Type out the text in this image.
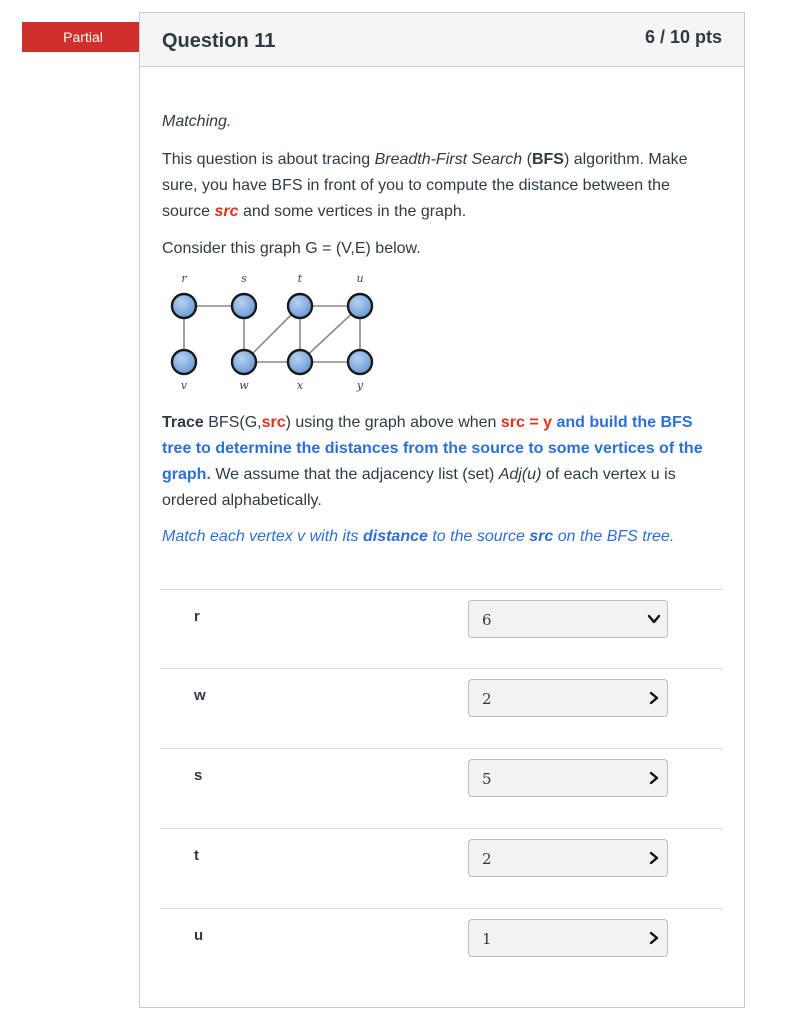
Partial	Question 11	6 / 10 pts
Matching.
This question is about tracing Breadth-First Search (BFS) algorithm. Make sure, you have BFS in front of you to compute the distance between the source src and some vertices in the graph.
Consider this graph G = (V,E) below.
r	s	t	u
v	w	x	y
Trace BFS(G,src) using the graph above when src = y and build the BFS tree to determine the distances from the source to some vertices of the graph. We assume that the adjacency list (set) Adj(u) of each vertex u is ordered alphabetically.
Match each vertex v with its distance to the source src on the BFS tree.
r	6
w	2
s	5
t	2
u	1
